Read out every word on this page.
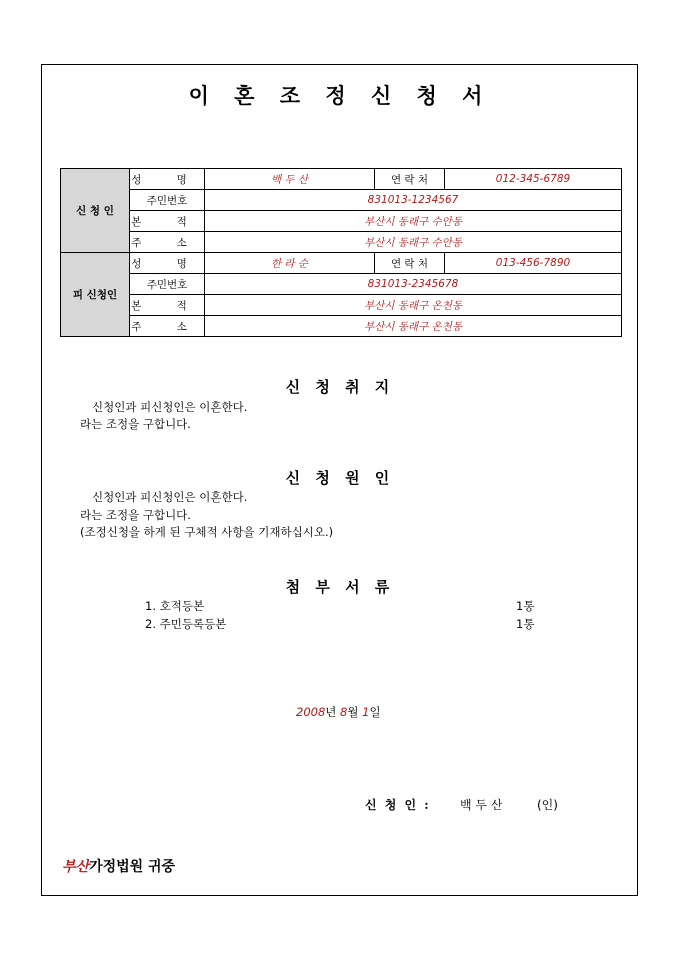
이 혼 조 정 신 청 서
신 청 인	성 명	백 두 산	연 락 처	012-345-6789
	주민번호	831013-1234567		
	본 적	부산시 동래구 수안동		
	주 소	부산시 동래구 수안동		
피 신청인	성 명	한 라 순	연 락 처	013-456-7890
	주민번호	831013-2345678		
	본 적	부산시 동래구 온천동		
	주 소	부산시 동래구 온천동		
신 청 취 지
신청인과 피신청인은 이혼한다.
라는 조정을 구합니다.
신 청 원 인
신청인과 피신청인은 이혼한다.
라는 조정을 구합니다.
(조정신청을 하게 된 구체적 사항을 기재하십시오.)
첨 부 서 류
1. 호적등본	1통
2. 주민등록등본	1통
2008년 8월 1일
신 청 인 : 백 두 산	(인)
부산가정법원 귀중
